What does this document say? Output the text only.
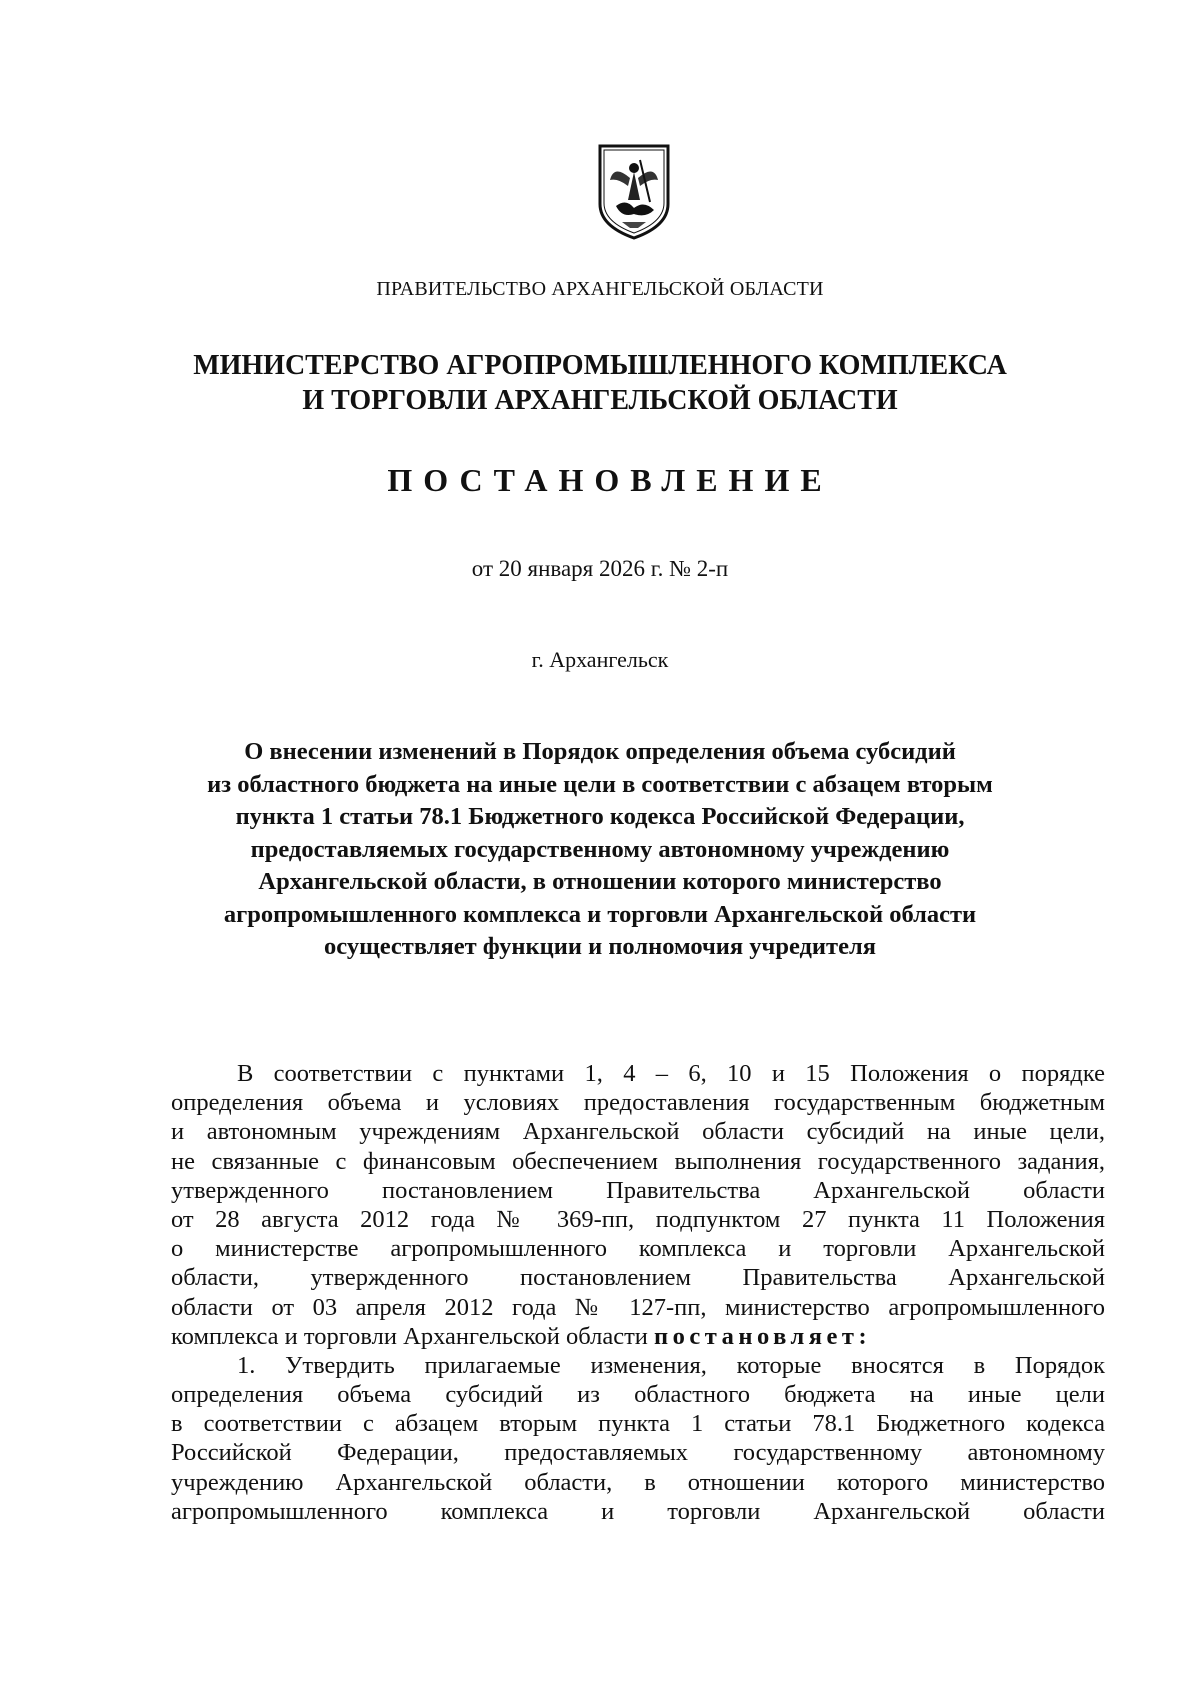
ПРАВИТЕЛЬСТВО АРХАНГЕЛЬСКОЙ ОБЛАСТИ
МИНИСТЕРСТВО АГРОПРОМЫШЛЕННОГО КОМПЛЕКСА
И ТОРГОВЛИ АРХАНГЕЛЬСКОЙ ОБЛАСТИ
ПОСТАНОВЛЕНИЕ
от 20 января 2026 г. № 2-п
г. Архангельск
О внесении изменений в Порядок определения объема субсидий
из областного бюджета на иные цели в соответствии с абзацем вторым
пункта 1 статьи 78.1 Бюджетного кодекса Российской Федерации,
предоставляемых государственному автономному учреждению
Архангельской области, в отношении которого министерство
агропромышленного комплекса и торговли Архангельской области
осуществляет функции и полномочия учредителя
В соответствии с пунктами 1, 4 – 6, 10 и 15 Положения о порядке
определения объема и условиях предоставления государственным бюджетным
и автономным учреждениям Архангельской области субсидий на иные цели,
не связанные с финансовым обеспечением выполнения государственного задания,
утвержденного постановлением Правительства Архангельской области
от 28 августа 2012 года № 369-пп, подпунктом 27 пункта 11 Положения
о министерстве агропромышленного комплекса и торговли Архангельской
области, утвержденного постановлением Правительства Архангельской
области от 03 апреля 2012 года № 127-пп, министерство агропромышленного
комплекса и торговли Архангельской области постановляет:
1. Утвердить прилагаемые изменения, которые вносятся в Порядок
определения объема субсидий из областного бюджета на иные цели
в соответствии с абзацем вторым пункта 1 статьи 78.1 Бюджетного кодекса
Российской Федерации, предоставляемых государственному автономному
учреждению Архангельской области, в отношении которого министерство
агропромышленного комплекса и торговли Архангельской области
